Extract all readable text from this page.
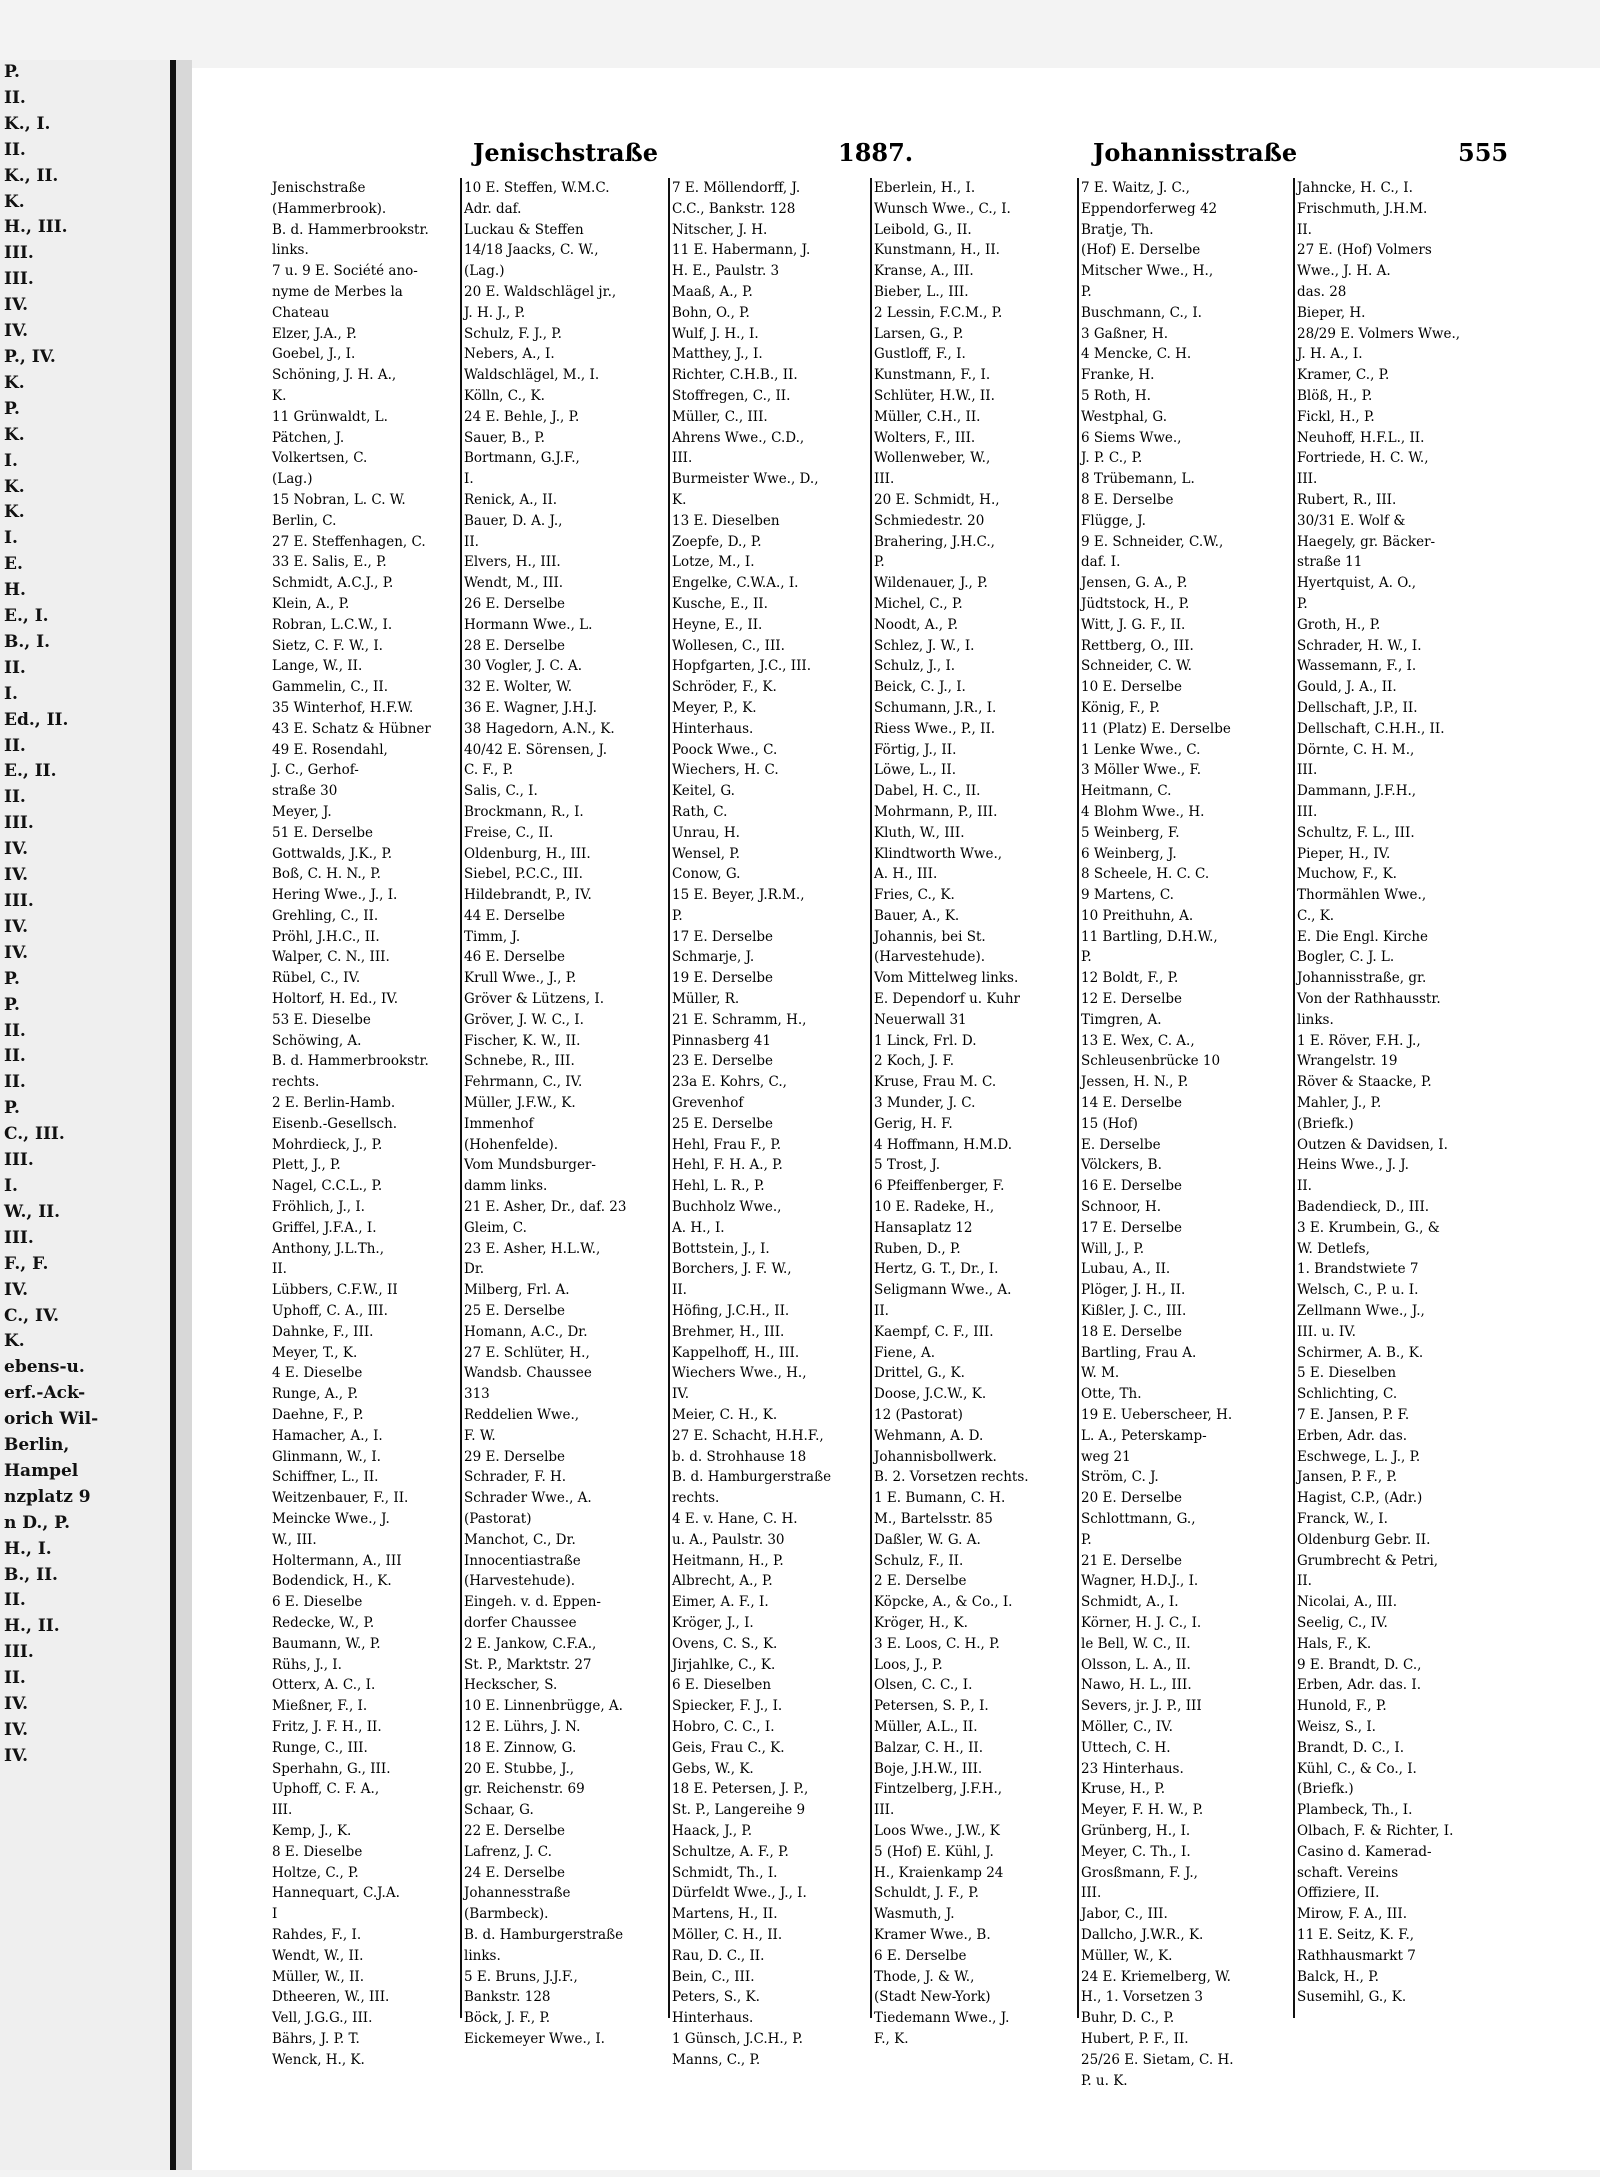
P.
II.
K., I.
II.
K., II.
K.
H., III.
III.
III.
IV.
IV.
P., IV.
K.
P.
K.
I.
K.
K.
I.
E.
H.
E., I.
B., I.
II.
I.
Ed., II.
II.
E., II.
II.
III.
IV.
IV.
III.
IV.
IV.
P.
P.
II.
II.
II.
P.
C., III.
III.
I.
W., II.
III.
F., F.
IV.
C., IV.
K.
ebens-u.
erf.-Ack-
orich Wil-
Berlin,
Hampel
nzplatz 9
n D., P.
H., I.
B., II.
II.
H., II.
III.
II.
IV.
IV.
IV.
Jenischstraße	1887.	Johannisstraße	555
Jenischstraße
(Hammerbrook).
B. d. Hammerbrookstr.
links.
7 u. 9 E. Société ano-
nyme de Merbes la
Chateau
Elzer, J.A., P.
Goebel, J., I.
Schöning, J. H. A.,
K.
11 Grünwaldt, L.
Pätchen, J.
Volkertsen, C.
(Lag.)
15 Nobran, L. C. W.
Berlin, C.
27 E. Steffenhagen, C.
33 E. Salis, E., P.
Schmidt, A.C.J., P.
Klein, A., P.
Robran, L.C.W., I.
Sietz, C. F. W., I.
Lange, W., II.
Gammelin, C., II.
35 Winterhof, H.F.W.
43 E. Schatz & Hübner
49 E. Rosendahl,
J. C., Gerhof-
straße 30
Meyer, J.
51 E. Derselbe
Gottwalds, J.K., P.
Boß, C. H. N., P.
Hering Wwe., J., I.
Grehling, C., II.
Pröhl, J.H.C., II.
Walper, C. N., III.
Rübel, C., IV.
Holtorf, H. Ed., IV.
53 E. Dieselbe
Schöwing, A.
B. d. Hammerbrookstr.
rechts.
2 E. Berlin-Hamb.
Eisenb.-Gesellsch.
Mohrdieck, J., P.
Plett, J., P.
Nagel, C.C.L., P.
Fröhlich, J., I.
Griffel, J.F.A., I.
Anthony, J.L.Th.,
II.
Lübbers, C.F.W., II
Uphoff, C. A., III.
Dahnke, F., III.
Meyer, T., K.
4 E. Dieselbe
Runge, A., P.
Daehne, F., P.
Hamacher, A., I.
Glinmann, W., I.
Schiffner, L., II.
Weitzenbauer, F., II.
Meincke Wwe., J.
W., III.
Holtermann, A., III
Bodendick, H., K.
6 E. Dieselbe
Redecke, W., P.
Baumann, W., P.
Rühs, J., I.
Otterx, A. C., I.
Mießner, F., I.
Fritz, J. F. H., II.
Runge, C., III.
Sperhahn, G., III.
Uphoff, C. F. A.,
III.
Kemp, J., K.
8 E. Dieselbe
Holtze, C., P.
Hannequart, C.J.A.
I
Rahdes, F., I.
Wendt, W., II.
Müller, W., II.
Dtheeren, W., III.
Vell, J.G.G., III.
Bährs, J. P. T.
Wenck, H., K.
10 E. Steffen, W.M.C.
Adr. daf.
Luckau & Steffen
14/18 Jaacks, C. W.,
(Lag.)
20 E. Waldschlägel jr.,
J. H. J., P.
Schulz, F. J., P.
Nebers, A., I.
Waldschlägel, M., I.
Kölln, C., K.
24 E. Behle, J., P.
Sauer, B., P.
Bortmann, G.J.F.,
I.
Renick, A., II.
Bauer, D. A. J.,
II.
Elvers, H., III.
Wendt, M., III.
26 E. Derselbe
Hormann Wwe., L.
28 E. Derselbe
30 Vogler, J. C. A.
32 E. Wolter, W.
36 E. Wagner, J.H.J.
38 Hagedorn, A.N., K.
40/42 E. Sörensen, J.
C. F., P.
Salis, C., I.
Brockmann, R., I.
Freise, C., II.
Oldenburg, H., III.
Siebel, P.C.C., III.
Hildebrandt, P., IV.
44 E. Derselbe
Timm, J.
46 E. Derselbe
Krull Wwe., J., P.
Gröver & Lützens, I.
Gröver, J. W. C., I.
Fischer, K. W., II.
Schnebe, R., III.
Fehrmann, C., IV.
Müller, J.F.W., K.
Immenhof
(Hohenfelde).
Vom Mundsburger-
damm links.
21 E. Asher, Dr., daf. 23
Gleim, C.
23 E. Asher, H.L.W.,
Dr.
Milberg, Frl. A.
25 E. Derselbe
Homann, A.C., Dr.
27 E. Schlüter, H.,
Wandsb. Chaussee
313
Reddelien Wwe.,
F. W.
29 E. Derselbe
Schrader, F. H.
Schrader Wwe., A.
(Pastorat)
Manchot, C., Dr.
Innocentiastraße
(Harvestehude).
Eingeh. v. d. Eppen-
dorfer Chaussee
2 E. Jankow, C.F.A.,
St. P., Marktstr. 27
Heckscher, S.
10 E. Linnenbrügge, A.
12 E. Lührs, J. N.
18 E. Zinnow, G.
20 E. Stubbe, J.,
gr. Reichenstr. 69
Schaar, G.
22 E. Derselbe
Lafrenz, J. C.
24 E. Derselbe
Johannesstraße
(Barmbeck).
B. d. Hamburgerstraße
links.
5 E. Bruns, J.J.F.,
Bankstr. 128
Böck, J. F., P.
Eickemeyer Wwe., I.
7 E. Möllendorff, J.
C.C., Bankstr. 128
Nitscher, J. H.
11 E. Habermann, J.
H. E., Paulstr. 3
Maaß, A., P.
Bohn, O., P.
Wulf, J. H., I.
Matthey, J., I.
Richter, C.H.B., II.
Stoffregen, C., II.
Müller, C., III.
Ahrens Wwe., C.D.,
III.
Burmeister Wwe., D.,
K.
13 E. Dieselben
Zoepfe, D., P.
Lotze, M., I.
Engelke, C.W.A., I.
Kusche, E., II.
Heyne, E., II.
Wollesen, C., III.
Hopfgarten, J.C., III.
Schröder, F., K.
Meyer, P., K.
Hinterhaus.
Poock Wwe., C.
Wiechers, H. C.
Keitel, G.
Rath, C.
Unrau, H.
Wensel, P.
Conow, G.
15 E. Beyer, J.R.M.,
P.
17 E. Derselbe
Schmarje, J.
19 E. Derselbe
Müller, R.
21 E. Schramm, H.,
Pinnasberg 41
23 E. Derselbe
23a E. Kohrs, C.,
Grevenhof
25 E. Derselbe
Hehl, Frau F., P.
Hehl, F. H. A., P.
Hehl, L. R., P.
Buchholz Wwe.,
A. H., I.
Bottstein, J., I.
Borchers, J. F. W.,
II.
Höfing, J.C.H., II.
Brehmer, H., III.
Kappelhoff, H., III.
Wiechers Wwe., H.,
IV.
Meier, C. H., K.
27 E. Schacht, H.H.F.,
b. d. Strohhause 18
B. d. Hamburgerstraße
rechts.
4 E. v. Hane, C. H.
u. A., Paulstr. 30
Heitmann, H., P.
Albrecht, A., P.
Eimer, A. F., I.
Kröger, J., I.
Ovens, C. S., K.
Jirjahlke, C., K.
6 E. Dieselben
Spiecker, F. J., I.
Hobro, C. C., I.
Geis, Frau C., K.
Gebs, W., K.
18 E. Petersen, J. P.,
St. P., Langereihe 9
Haack, J., P.
Schultze, A. F., P.
Schmidt, Th., I.
Dürfeldt Wwe., J., I.
Martens, H., II.
Möller, C. H., II.
Rau, D. C., II.
Bein, C., III.
Peters, S., K.
Hinterhaus.
1 Günsch, J.C.H., P.
Manns, C., P.
Eberlein, H., I.
Wunsch Wwe., C., I.
Leibold, G., II.
Kunstmann, H., II.
Kranse, A., III.
Bieber, L., III.
2 Lessin, F.C.M., P.
Larsen, G., P.
Gustloff, F., I.
Kunstmann, F., I.
Schlüter, H.W., II.
Müller, C.H., II.
Wolters, F., III.
Wollenweber, W.,
III.
20 E. Schmidt, H.,
Schmiedestr. 20
Brahering, J.H.C.,
P.
Wildenauer, J., P.
Michel, C., P.
Noodt, A., P.
Schlez, J. W., I.
Schulz, J., I.
Beick, C. J., I.
Schumann, J.R., I.
Riess Wwe., P., II.
Förtig, J., II.
Löwe, L., II.
Dabel, H. C., II.
Mohrmann, P., III.
Kluth, W., III.
Klindtworth Wwe.,
A. H., III.
Fries, C., K.
Bauer, A., K.
Johannis, bei St.
(Harvestehude).
Vom Mittelweg links.
E. Dependorf u. Kuhr
Neuerwall 31
1 Linck, Frl. D.
2 Koch, J. F.
Kruse, Frau M. C.
3 Munder, J. C.
Gerig, H. F.
4 Hoffmann, H.M.D.
5 Trost, J.
6 Pfeiffenberger, F.
10 E. Radeke, H.,
Hansaplatz 12
Ruben, D., P.
Hertz, G. T., Dr., I.
Seligmann Wwe., A.
II.
Kaempf, C. F., III.
Fiene, A.
Drittel, G., K.
Doose, J.C.W., K.
12 (Pastorat)
Wehmann, A. D.
Johannisbollwerk.
B. 2. Vorsetzen rechts.
1 E. Bumann, C. H.
M., Bartelsstr. 85
Daßler, W. G. A.
Schulz, F., II.
2 E. Derselbe
Köpcke, A., & Co., I.
Kröger, H., K.
3 E. Loos, C. H., P.
Loos, J., P.
Olsen, C. C., I.
Petersen, S. P., I.
Müller, A.L., II.
Balzar, C. H., II.
Boje, J.H.W., III.
Fintzelberg, J.F.H.,
III.
Loos Wwe., J.W., K
5 (Hof) E. Kühl, J.
H., Kraienkamp 24
Schuldt, J. F., P.
Wasmuth, J.
Kramer Wwe., B.
6 E. Derselbe
Thode, J. & W.,
(Stadt New-York)
Tiedemann Wwe., J.
F., K.
7 E. Waitz, J. C.,
Eppendorferweg 42
Bratje, Th.
(Hof) E. Derselbe
Mitscher Wwe., H.,
P.
Buschmann, C., I.
3 Gaßner, H.
4 Mencke, C. H.
Franke, H.
5 Roth, H.
Westphal, G.
6 Siems Wwe.,
J. P. C., P.
8 Trübemann, L.
8 E. Derselbe
Flügge, J.
9 E. Schneider, C.W.,
daf. I.
Jensen, G. A., P.
Jüdtstock, H., P.
Witt, J. G. F., II.
Rettberg, O., III.
Schneider, C. W.
10 E. Derselbe
König, F., P.
11 (Platz) E. Derselbe
1 Lenke Wwe., C.
3 Möller Wwe., F.
Heitmann, C.
4 Blohm Wwe., H.
5 Weinberg, F.
6 Weinberg, J.
8 Scheele, H. C. C.
9 Martens, C.
10 Preithuhn, A.
11 Bartling, D.H.W.,
P.
12 Boldt, F., P.
12 E. Derselbe
Timgren, A.
13 E. Wex, C. A.,
Schleusenbrücke 10
Jessen, H. N., P.
14 E. Derselbe
15 (Hof)
E. Derselbe
Völckers, B.
16 E. Derselbe
Schnoor, H.
17 E. Derselbe
Will, J., P.
Lubau, A., II.
Plöger, J. H., II.
Kißler, J. C., III.
18 E. Derselbe
Bartling, Frau A.
W. M.
Otte, Th.
19 E. Ueberscheer, H.
L. A., Peterskamp-
weg 21
Ström, C. J.
20 E. Derselbe
Schlottmann, G.,
P.
21 E. Derselbe
Wagner, H.D.J., I.
Schmidt, A., I.
Körner, H. J. C., I.
le Bell, W. C., II.
Olsson, L. A., II.
Nawo, H. L., III.
Severs, jr. J. P., III
Möller, C., IV.
Uttech, C. H.
23 Hinterhaus.
Kruse, H., P.
Meyer, F. H. W., P.
Grünberg, H., I.
Meyer, C. Th., I.
Grosßmann, F. J.,
III.
Jabor, C., III.
Dallcho, J.W.R., K.
Müller, W., K.
24 E. Kriemelberg, W.
H., 1. Vorsetzen 3
Buhr, D. C., P.
Hubert, P. F., II.
25/26 E. Sietam, C. H.
P. u. K.
Jahncke, H. C., I.
Frischmuth, J.H.M.
II.
27 E. (Hof) Volmers
Wwe., J. H. A.
das. 28
Bieper, H.
28/29 E. Volmers Wwe.,
J. H. A., I.
Kramer, C., P.
Blöß, H., P.
Fickl, H., P.
Neuhoff, H.F.L., II.
Fortriede, H. C. W.,
III.
Rubert, R., III.
30/31 E. Wolf &
Haegely, gr. Bäcker-
straße 11
Hyertquist, A. O.,
P.
Groth, H., P.
Schrader, H. W., I.
Wassemann, F., I.
Gould, J. A., II.
Dellschaft, J.P., II.
Dellschaft, C.H.H., II.
Dörnte, C. H. M.,
III.
Dammann, J.F.H.,
III.
Schultz, F. L., III.
Pieper, H., IV.
Muchow, F., K.
Thormählen Wwe.,
C., K.
E. Die Engl. Kirche
Bogler, C. J. L.
Johannisstraße, gr.
Von der Rathhausstr.
links.
1 E. Röver, F.H. J.,
Wrangelstr. 19
Röver & Staacke, P.
Mahler, J., P.
(Briefk.)
Outzen & Davidsen, I.
Heins Wwe., J. J.
II.
Badendieck, D., III.
3 E. Krumbein, G., &
W. Detlefs,
1. Brandstwiete 7
Welsch, C., P. u. I.
Zellmann Wwe., J.,
III. u. IV.
Schirmer, A. B., K.
5 E. Dieselben
Schlichting, C.
7 E. Jansen, P. F.
Erben, Adr. das.
Eschwege, L. J., P.
Jansen, P. F., P.
Hagist, C.P., (Adr.)
Franck, W., I.
Oldenburg Gebr. II.
Grumbrecht & Petri,
II.
Nicolai, A., III.
Seelig, C., IV.
Hals, F., K.
9 E. Brandt, D. C.,
Erben, Adr. das. I.
Hunold, F., P.
Weisz, S., I.
Brandt, D. C., I.
Kühl, C., & Co., I.
(Briefk.)
Plambeck, Th., I.
Olbach, F. & Richter, I.
Casino d. Kamerad-
schaft. Vereins
Offiziere, II.
Mirow, F. A., III.
11 E. Seitz, K. F.,
Rathhausmarkt 7
Balck, H., P.
Susemihl, G., K.
